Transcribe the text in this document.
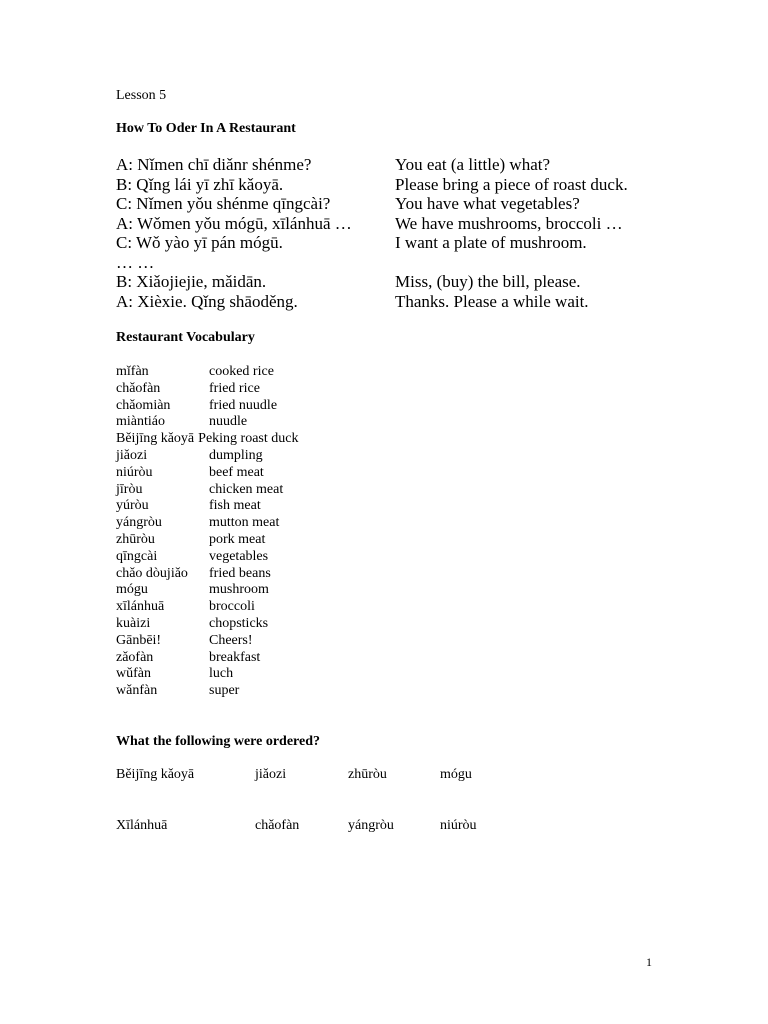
Lesson 5
How To Oder In A Restaurant
A: Nǐmen chī diǎnr shénme?	You eat (a little) what?
B: Qǐng lái yī zhī kǎoyā.	Please bring a piece of roast duck.
C: Nǐmen yǒu shénme qīngcài?	You have what vegetables?
A: Wǒmen yǒu mógū, xīlánhuā …	We have mushrooms, broccoli …
C: Wǒ yào yī pán mógū.	I want a plate of mushroom.
… …
B: Xiǎojiejie, mǎidān.	Miss, (buy) the bill, please.
A: Xièxie. Qǐng shāoděng.	Thanks. Please a while wait.
Restaurant Vocabulary
mǐfàn	cooked rice
chǎofàn	fried rice
chǎomiàn	fried nuudle
miàntiáo	nuudle
Běijīng kǎoyā Peking roast duck
jiǎozi	dumpling
niúròu	beef meat
jīròu	chicken meat
yúròu	fish meat
yángròu	mutton meat
zhūròu	pork meat
qīngcài	vegetables
chǎo dòujiǎo	fried beans
mógu	mushroom
xīlánhuā	broccoli
kuàizi	chopsticks
Gānbēi!	Cheers!
zǎofàn	breakfast
wǔfàn	luch
wǎnfàn	super
What the following were ordered?
Běijīng kǎoyā	jiǎozi	zhūròu	mógu
Xīlánhuā	chǎofàn	yángròu	niúròu
1
